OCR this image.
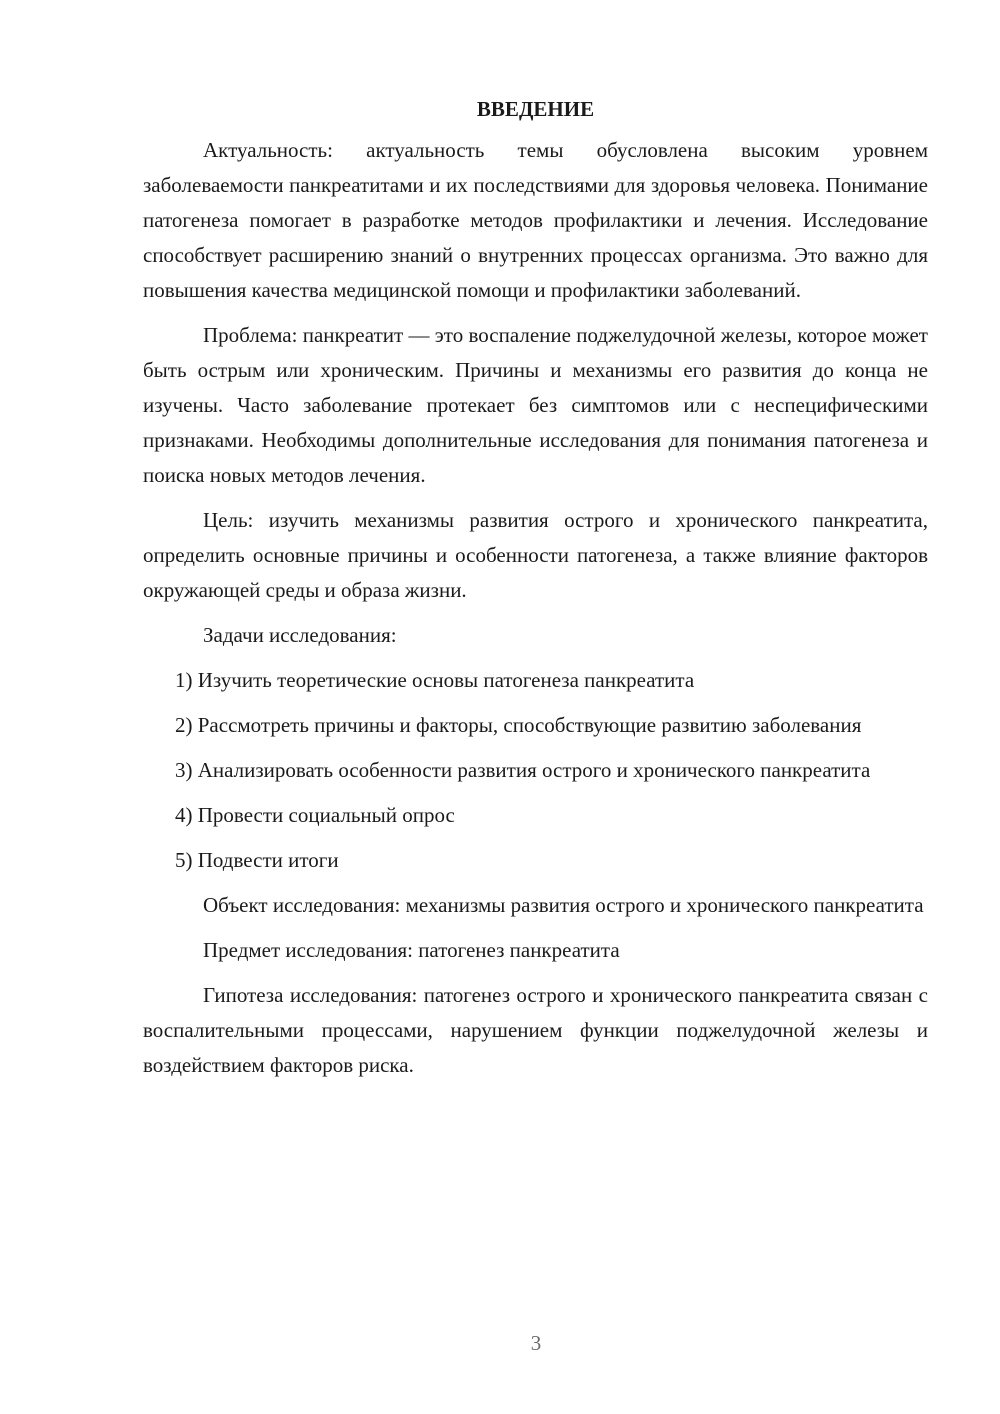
ВВЕДЕНИЕ

Актуальность: актуальность темы обусловлена высоким уровнем заболеваемости панкреатитами и их последствиями для здоровья человека. Понимание патогенеза помогает в разработке методов профилактики и лечения. Исследование способствует расширению знаний о внутренних процессах организма. Это важно для повышения качества медицинской помощи и профилактики заболеваний.

Проблема: панкреатит — это воспаление поджелудочной железы, которое может быть острым или хроническим. Причины и механизмы его развития до конца не изучены. Часто заболевание протекает без симптомов или с неспецифическими признаками. Необходимы дополнительные исследования для понимания патогенеза и поиска новых методов лечения.

Цель: изучить механизмы развития острого и хронического панкреатита, определить основные причины и особенности патогенеза, а также влияние факторов окружающей среды и образа жизни.

Задачи исследования:

1) Изучить теоретические основы патогенеза панкреатита

2) Рассмотреть причины и факторы, способствующие развитию заболевания

3) Анализировать особенности развития острого и хронического панкреатита

4) Провести социальный опрос

5) Подвести итоги

Объект исследования: механизмы развития острого и хронического панкреатита

Предмет исследования: патогенез панкреатита

Гипотеза исследования: патогенез острого и хронического панкреатита связан с воспалительными процессами, нарушением функции поджелудочной железы и воздействием факторов риска.

3
